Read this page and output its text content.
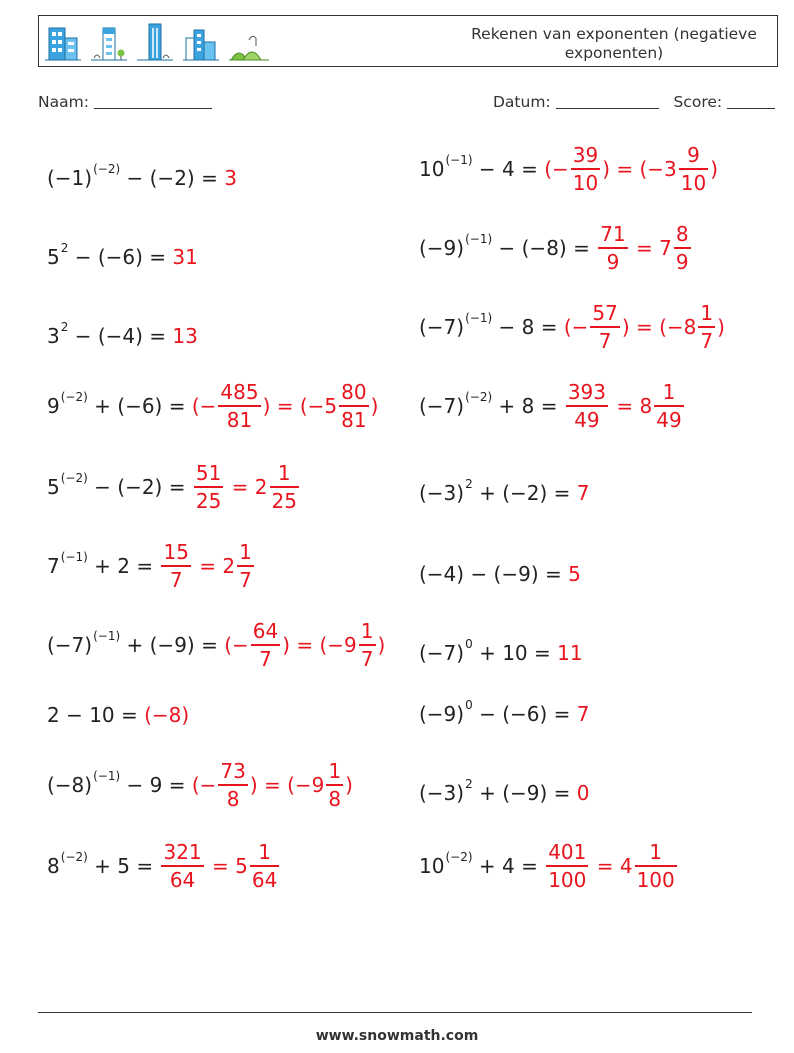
Rekenen van exponenten (negatieve
exponenten)
Naam:	Datum:	Score:
(−1) (−2) − (−2) = 3
5 2 − (−6) = 31
3 2 − (−4) = 13
9 (−2) + (−6) = (− $\frac{485}{81}$ ) = ($-5 \frac{80}{81}$ )
5 $(-2) - (-2) = \frac{51}{25} = 2 \frac{1}{25}$
7 $(-1) + 2 = \frac{15}{7} = 2 \frac{1}{7}$
(−7) (−1) + (−9) = (− $\frac{64}{7}$ ) = ($-9 \frac{1}{7}$ )
2 − 10 = (−8)
(−8) (−1) − 9 = (− $\frac{73}{8}$ ) = ($-9 \frac{1}{8}$ )
8 $(-2) + 5 = \frac{321}{64} = 5 \frac{1}{64}$
10 (−1) − 4 = (− $\frac{39}{10}$ ) = ($-3 \frac{9}{10}$ )
(−9) $(-1) - (-8) = \frac{71}{9} = 7 \frac{8}{9}$
(−7) (−1) − 8 = (− $\frac{57}{7}$ ) = ($-8 \frac{1}{7}$ )
(−7) $(-2) + 8 = \frac{393}{49} = 8 \frac{1}{49}$
(−3) 2 + (−2) = 7
(−4) − (−9) = 5
(−7) 0 + 10 = 11
(−9) 0 − (−6) = 7
(−3) 2 + (−9) = 0
10 $(-2) + 4 = \frac{401}{100} = 4 \frac{1}{100}$
www.snowmath.com
